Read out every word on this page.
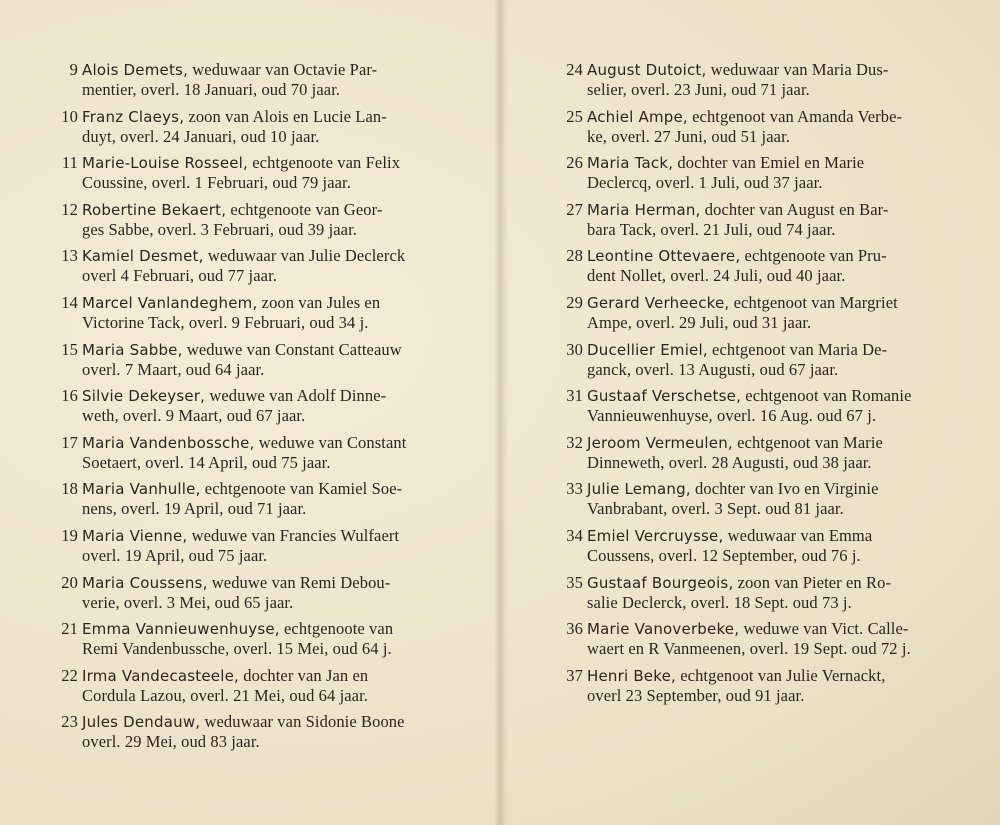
9 Alois Demets, weduwaar van Octavie Par-
mentier, overl. 18 Januari, oud 70 jaar.
10 Franz Claeys, zoon van Alois en Lucie Lan-
duyt, overl. 24 Januari, oud 10 jaar.
11 Marie-Louise Rosseel, echtgenoote van Felix
Coussine, overl. 1 Februari, oud 79 jaar.
12 Robertine Bekaert, echtgenoote van Geor-
ges Sabbe, overl. 3 Februari, oud 39 jaar.
13 Kamiel Desmet, weduwaar van Julie Declerck
overl 4 Februari, oud 77 jaar.
14 Marcel Vanlandeghem, zoon van Jules en
Victorine Tack, overl. 9 Februari, oud 34 j.
15 Maria Sabbe, weduwe van Constant Catteauw
overl. 7 Maart, oud 64 jaar.
16 Silvie Dekeyser, weduwe van Adolf Dinne-
weth, overl. 9 Maart, oud 67 jaar.
17 Maria Vandenbossche, weduwe van Constant
Soetaert, overl. 14 April, oud 75 jaar.
18 Maria Vanhulle, echtgenoote van Kamiel Soe-
nens, overl. 19 April, oud 71 jaar.
19 Maria Vienne, weduwe van Francies Wulfaert
overl. 19 April, oud 75 jaar.
20 Maria Coussens, weduwe van Remi Debou-
verie, overl. 3 Mei, oud 65 jaar.
21 Emma Vannieuwenhuyse, echtgenoote van
Remi Vandenbussche, overl. 15 Mei, oud 64 j.
22 Irma Vandecasteele, dochter van Jan en
Cordula Lazou, overl. 21 Mei, oud 64 jaar.
23 Jules Dendauw, weduwaar van Sidonie Boone
overl. 29 Mei, oud 83 jaar.
24 August Dutoict, weduwaar van Maria Dus-
selier, overl. 23 Juni, oud 71 jaar.
25 Achiel Ampe, echtgenoot van Amanda Verbe-
ke, overl. 27 Juni, oud 51 jaar.
26 Maria Tack, dochter van Emiel en Marie
Declercq, overl. 1 Juli, oud 37 jaar.
27 Maria Herman, dochter van August en Bar-
bara Tack, overl. 21 Juli, oud 74 jaar.
28 Leontine Ottevaere, echtgenoote van Pru-
dent Nollet, overl. 24 Juli, oud 40 jaar.
29 Gerard Verheecke, echtgenoot van Margriet
Ampe, overl. 29 Juli, oud 31 jaar.
30 Ducellier Emiel, echtgenoot van Maria De-
ganck, overl. 13 Augusti, oud 67 jaar.
31 Gustaaf Verschetse, echtgenoot van Romanie
Vannieuwenhuyse, overl. 16 Aug. oud 67 j.
32 Jeroom Vermeulen, echtgenoot van Marie
Dinneweth, overl. 28 Augusti, oud 38 jaar.
33 Julie Lemang, dochter van Ivo en Virginie
Vanbrabant, overl. 3 Sept. oud 81 jaar.
34 Emiel Vercruysse, weduwaar van Emma
Coussens, overl. 12 September, oud 76 j.
35 Gustaaf Bourgeois, zoon van Pieter en Ro-
salie Declerck, overl. 18 Sept. oud 73 j.
36 Marie Vanoverbeke, weduwe van Vict. Calle-
waert en R Vanmeenen, overl. 19 Sept. oud 72 j.
37 Henri Beke, echtgenoot van Julie Vernackt,
overl 23 September, oud 91 jaar.
